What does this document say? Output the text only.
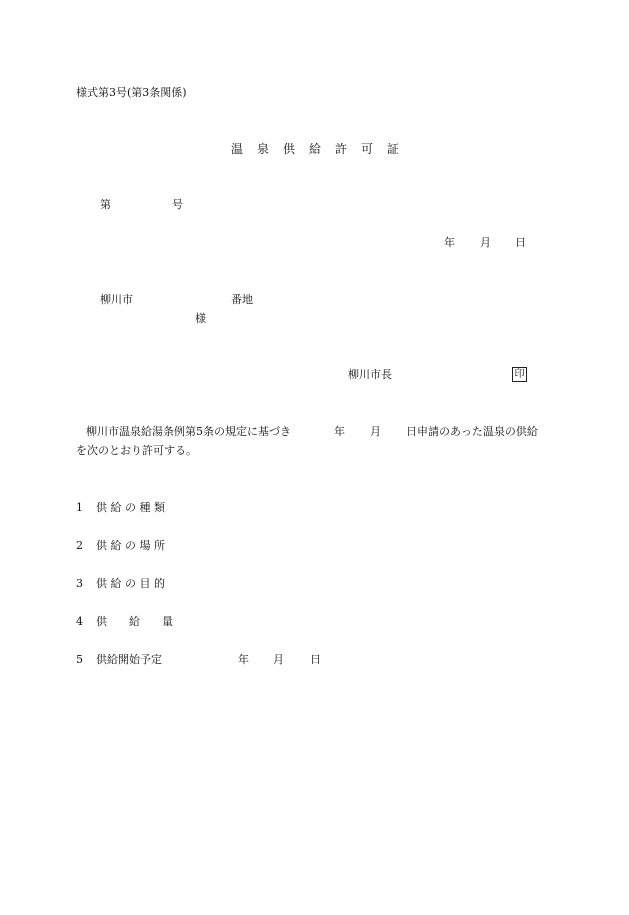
様式第3号(第3条関係)
温 泉 供 給 許 可 証
第	号
年 月 日
柳川市	番地
様
柳川市長	印
柳川市温泉給湯条例第5条の規定に基づき	年 月 日申請のあった温泉の供給
を次のとおり許可する。
1 供 給 の 種 類
2 供 給 の 場 所
3 供 給 の 目 的
4 供　　給　　量
5 供給開始予定	年 月 日
